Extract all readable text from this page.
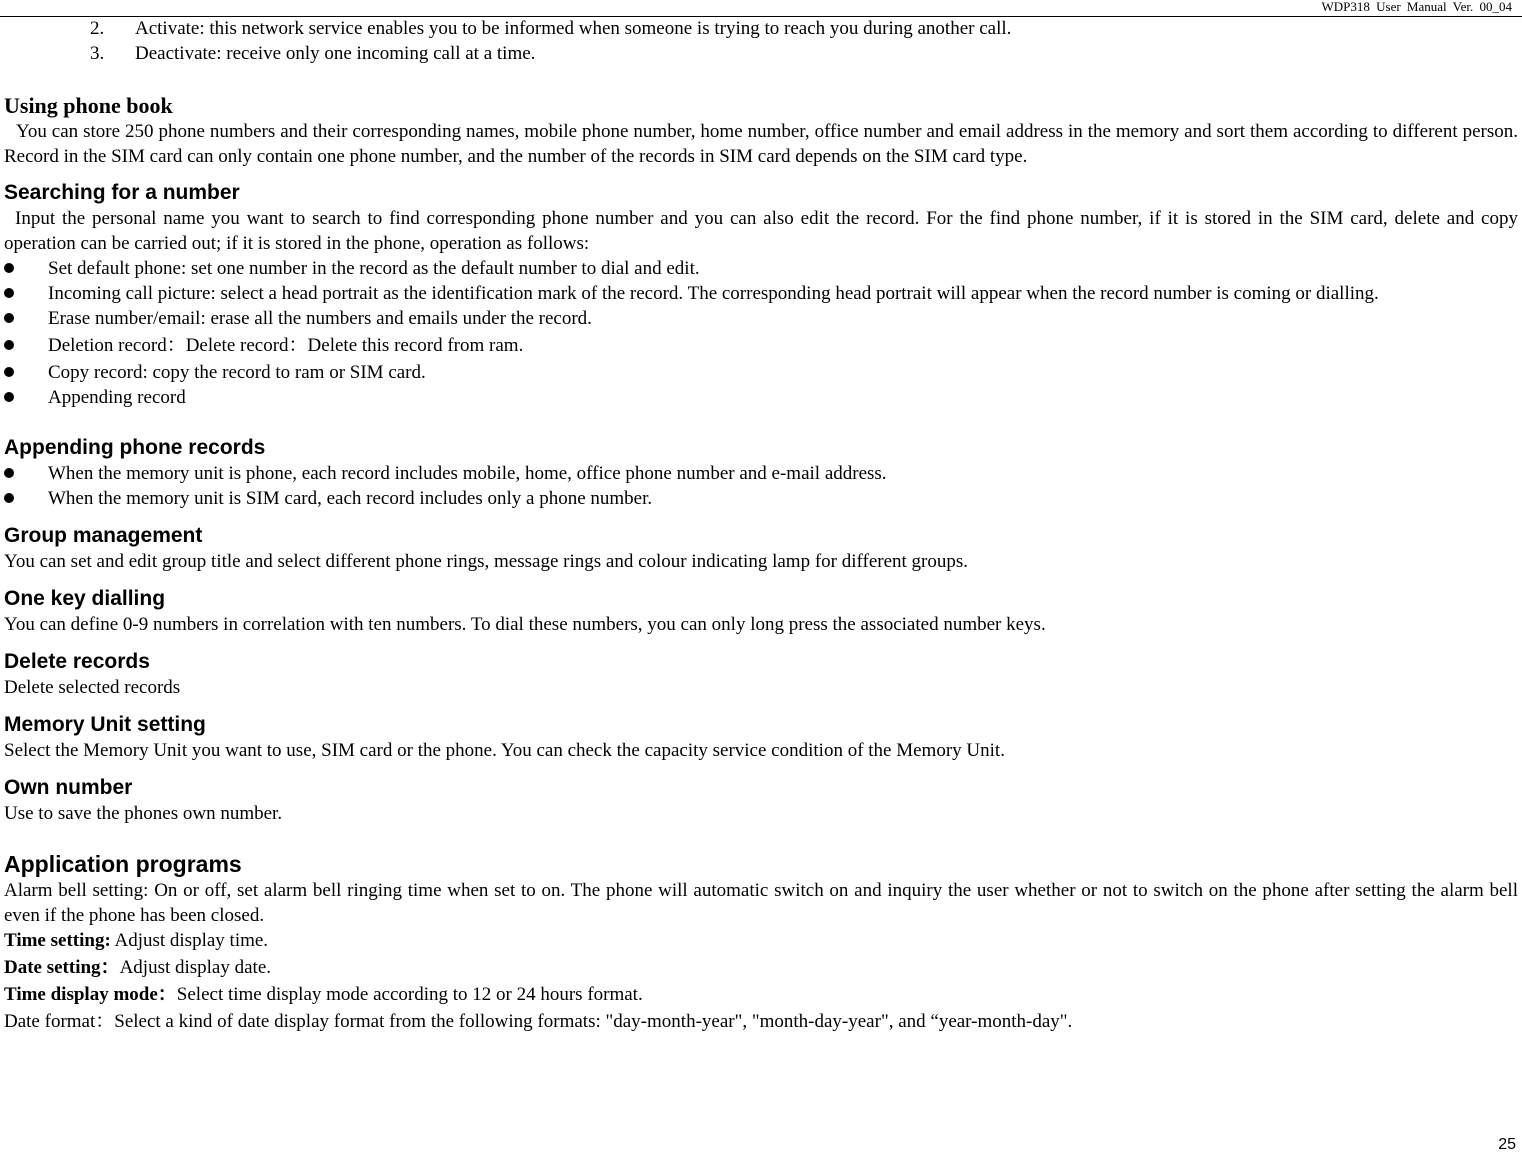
WDP318 User Manual Ver. 00_04
2. Activate: this network service enables you to be informed when someone is trying to reach you during another call.
3. Deactivate: receive only one incoming call at a time.
Using phone book

You can store 250 phone numbers and their corresponding names, mobile phone number, home number, office number and email address in the memory and sort them according to different person. Record in the SIM card can only contain one phone number, and the number of the records in SIM card depends on the SIM card type.

Searching for a number

Input the personal name you want to search to find corresponding phone number and you can also edit the record. For the find phone number, if it is stored in the SIM card, delete and copy operation can be carried out; if it is stored in the phone, operation as follows:

Set default phone: set one number in the record as the default number to dial and edit.
Incoming call picture: select a head portrait as the identification mark of the record. The corresponding head portrait will appear when the record number is coming or dialling.
Erase number/email: erase all the numbers and emails under the record.
Deletion record：Delete record：Delete this record from ram.
Copy record: copy the record to ram or SIM card.
Appending record
Appending phone records
When the memory unit is phone, each record includes mobile, home, office phone number and e-mail address.
When the memory unit is SIM card, each record includes only a phone number.
Group management

You can set and edit group title and select different phone rings, message rings and colour indicating lamp for different groups.

One key dialling

You can define 0-9 numbers in correlation with ten numbers. To dial these numbers, you can only long press the associated number keys.

Delete records

Delete selected records

Memory Unit setting

Select the Memory Unit you want to use, SIM card or the phone. You can check the capacity service condition of the Memory Unit.

Own number

Use to save the phones own number.

Application programs

Alarm bell setting: On or off, set alarm bell ringing time when set to on. The phone will automatic switch on and inquiry the user whether or not to switch on the phone after setting the alarm bell even if the phone has been closed.

Time setting: Adjust display time.

Date setting：Adjust display date.

Time display mode：Select time display mode according to 12 or 24 hours format.

Date format：Select a kind of date display format from the following formats: "day-month-year", "month-day-year", and “year-month-day".

25
